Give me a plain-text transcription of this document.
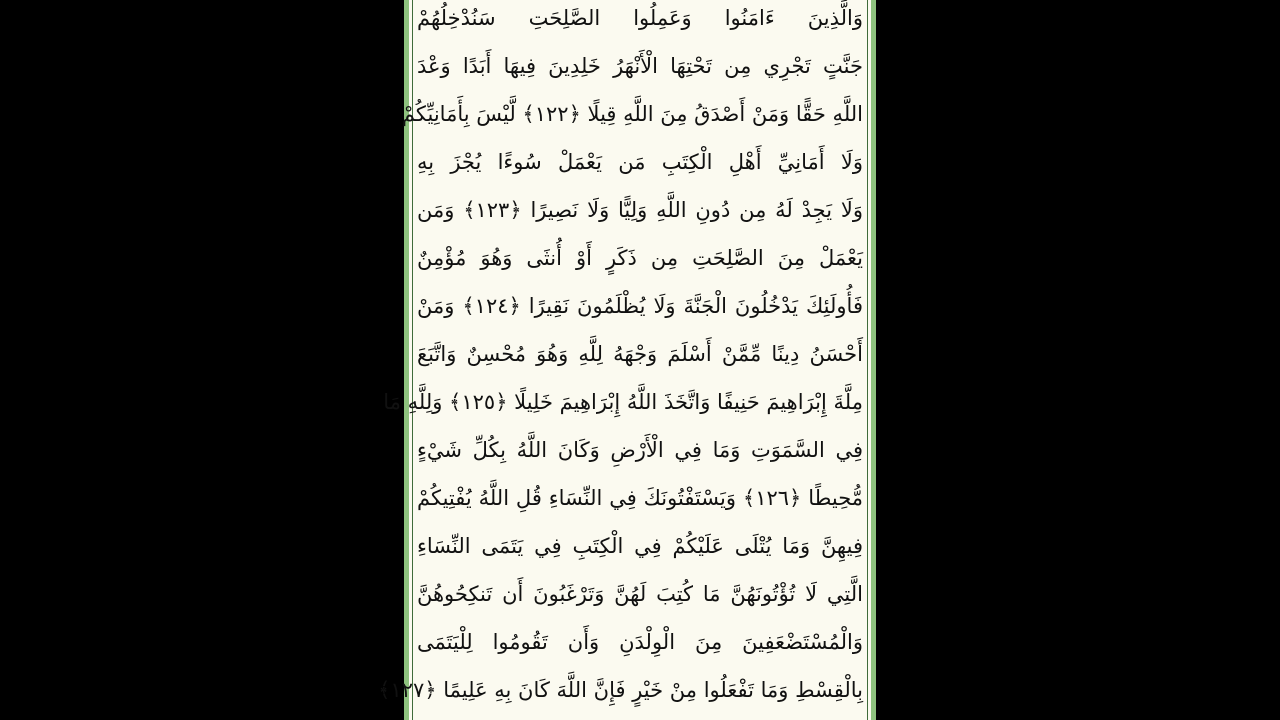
وَالَّذِينَ ءَامَنُوا وَعَمِلُوا الصَّلِحَتِ سَنُدْخِلُهُمْ
جَنَّتٍ تَجْرِي مِن تَحْتِهَا الْأَنْهَرُ خَلِدِينَ فِيهَا أَبَدًا وَعْدَ
اللَّهِ حَقًّا وَمَنْ أَصْدَقُ مِنَ اللَّهِ قِيلًا ﴿١٢٢﴾ لَّيْسَ بِأَمَانِيِّكُمْ
وَلَا أَمَانِيِّ أَهْلِ الْكِتَبِ مَن يَعْمَلْ سُوءًا يُجْزَ بِهِ
وَلَا يَجِدْ لَهُ مِن دُونِ اللَّهِ وَلِيًّا وَلَا نَصِيرًا ﴿١٢٣﴾ وَمَن
يَعْمَلْ مِنَ الصَّلِحَتِ مِن ذَكَرٍ أَوْ أُنثَى وَهُوَ مُؤْمِنٌ
فَأُولَئِكَ يَدْخُلُونَ الْجَنَّةَ وَلَا يُظْلَمُونَ نَقِيرًا ﴿١٢٤﴾ وَمَنْ
أَحْسَنُ دِينًا مِّمَّنْ أَسْلَمَ وَجْهَهُ لِلَّهِ وَهُوَ مُحْسِنٌ وَاتَّبَعَ
مِلَّةَ إِبْرَاهِيمَ حَنِيفًا وَاتَّخَذَ اللَّهُ إِبْرَاهِيمَ خَلِيلًا ﴿١٢٥﴾ وَلِلَّهِ مَا
فِي السَّمَوَتِ وَمَا فِي الْأَرْضِ وَكَانَ اللَّهُ بِكُلِّ شَيْءٍ
مُّحِيطًا ﴿١٢٦﴾ وَيَسْتَفْتُونَكَ فِي النِّسَاءِ قُلِ اللَّهُ يُفْتِيكُمْ
فِيهِنَّ وَمَا يُتْلَى عَلَيْكُمْ فِي الْكِتَبِ فِي يَتَمَى النِّسَاءِ
الَّتِي لَا تُؤْتُونَهُنَّ مَا كُتِبَ لَهُنَّ وَتَرْغَبُونَ أَن تَنكِحُوهُنَّ
وَالْمُسْتَضْعَفِينَ مِنَ الْوِلْدَنِ وَأَن تَقُومُوا لِلْيَتَمَى
بِالْقِسْطِ وَمَا تَفْعَلُوا مِنْ خَيْرٍ فَإِنَّ اللَّهَ كَانَ بِهِ عَلِيمًا ﴿١٢٧﴾
